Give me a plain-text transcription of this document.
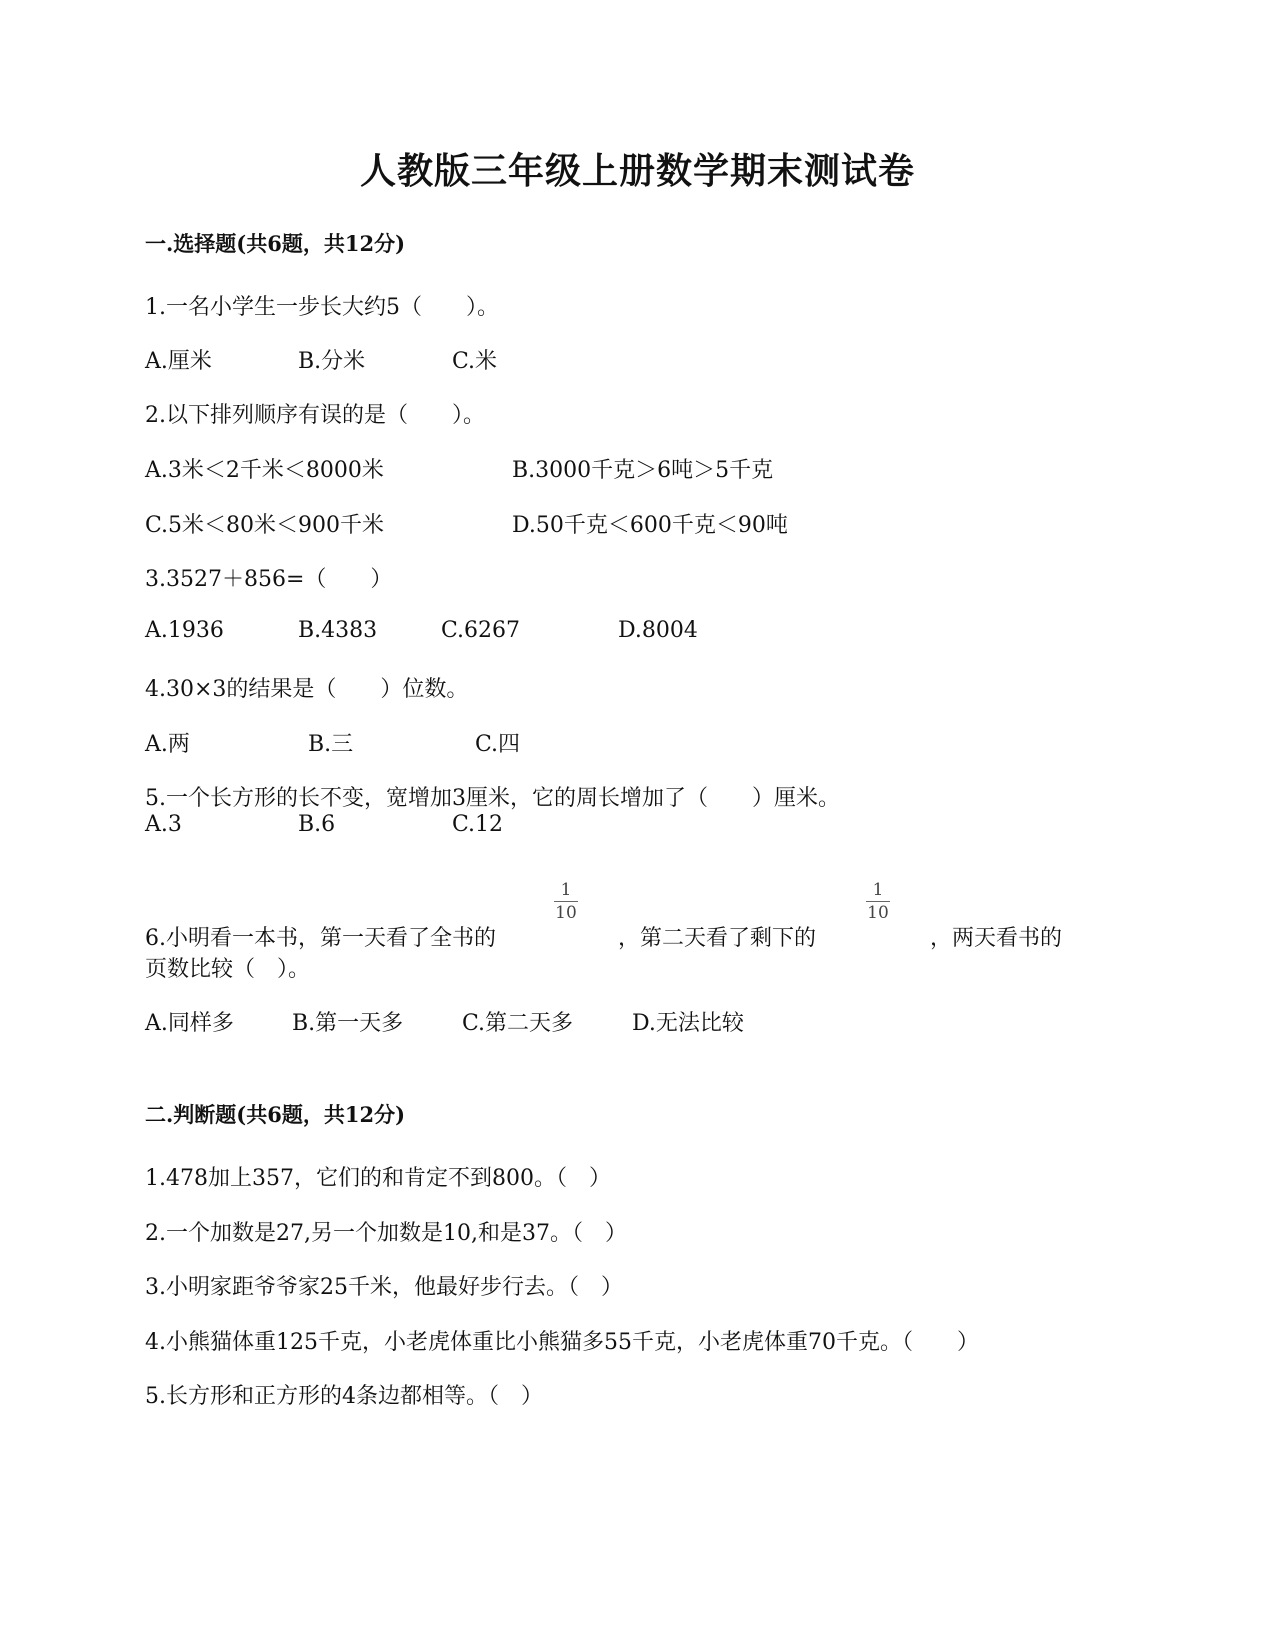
人教版三年级上册数学期末测试卷
一.选择题(共6题，共12分)
1.一名小学生一步长大约5（　　）。
A.厘米	B.分米	C.米
2.以下排列顺序有误的是（　　）。
A.3米＜2千米＜8000米	B.3000千克＞6吨＞5千克
C.5米＜80米＜900千米	D.50千克＜600千克＜90吨
3.3527＋856=（　　）
A.1936	B.4383	C.6267	D.8004
4.30×3的结果是（　　）位数。
A.两	B.三	C.四
5.一个长方形的长不变，宽增加3厘米，它的周长增加了（　　）厘米。
A.3	B.6	C.12
1
10
1
10
6.小明看一本书，第一天看了全书的	，第二天看了剩下的	，两天看书的
页数比较（　）。
A.同样多	B.第一天多	C.第二天多	D.无法比较
二.判断题(共6题，共12分)
1.478加上357，它们的和肯定不到800。（　）
2.一个加数是27,另一个加数是10,和是37。（　）
3.小明家距爷爷家25千米，他最好步行去。（　）
4.小熊猫体重125千克，小老虎体重比小熊猫多55千克，小老虎体重70千克。（　　）
5.长方形和正方形的4条边都相等。（　）
